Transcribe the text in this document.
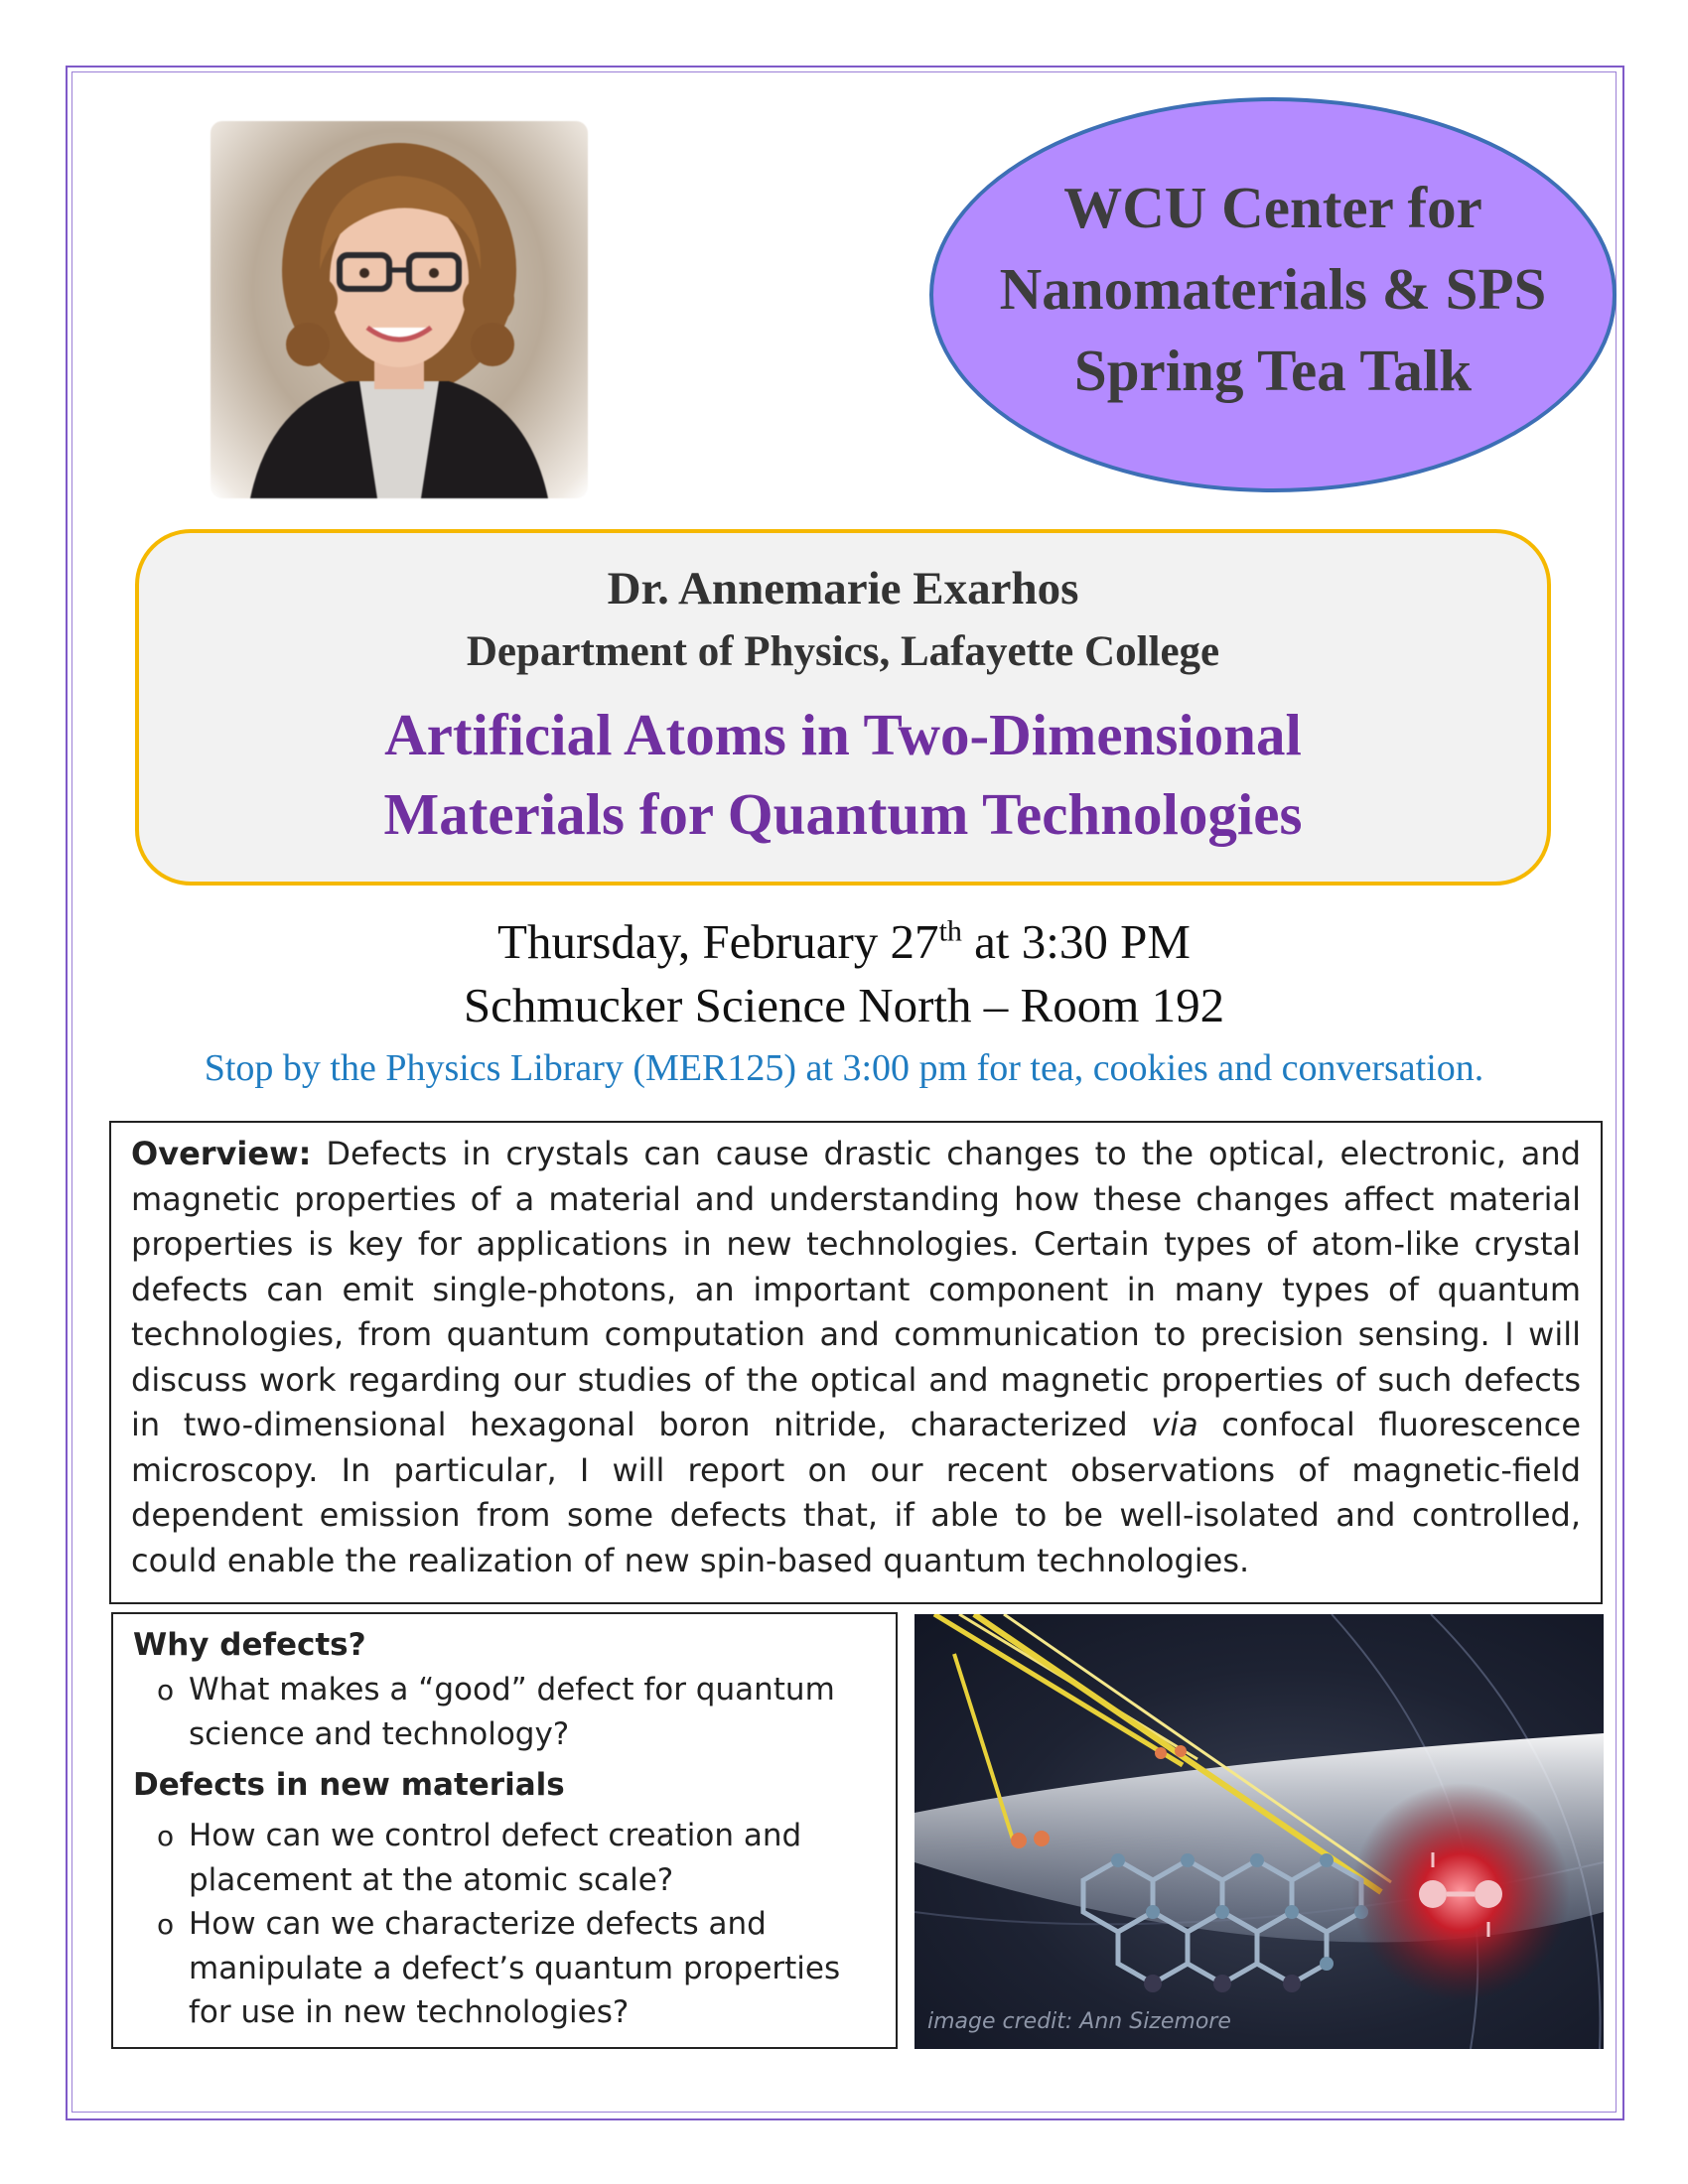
WCU Center for
Nanomaterials & SPS
Spring Tea Talk
Dr. Annemarie Exarhos
Department of Physics, Lafayette College
Artificial Atoms in Two-Dimensional
Materials for Quantum Technologies
Thursday, February 27th at 3:30 PM
Schmucker Science North – Room 192
Stop by the Physics Library (MER125) at 3:00 pm for tea, cookies and conversation.
Overview: Defects in crystals can cause drastic changes to the optical, electronic, and magnetic properties of a material and understanding how these changes affect material properties is key for applications in new technologies. Certain types of atom-like crystal defects can emit single-photons, an important component in many types of quantum technologies, from quantum computation and communication to precision sensing. I will discuss work regarding our studies of the optical and magnetic properties of such defects in two-dimensional hexagonal boron nitride, characterized via confocal fluorescence microscopy. In particular, I will report on our recent observations of magnetic-field dependent emission from some defects that, if able to be well-isolated and controlled, could enable the realization of new spin-based quantum technologies.
Why defects?
o What makes a “good” defect for quantum science and technology?
Defects in new materials
o How can we control defect creation and placement at the atomic scale?
o How can we characterize defects and manipulate a defect’s quantum properties for use in new technologies?	image credit: Ann Sizemore
